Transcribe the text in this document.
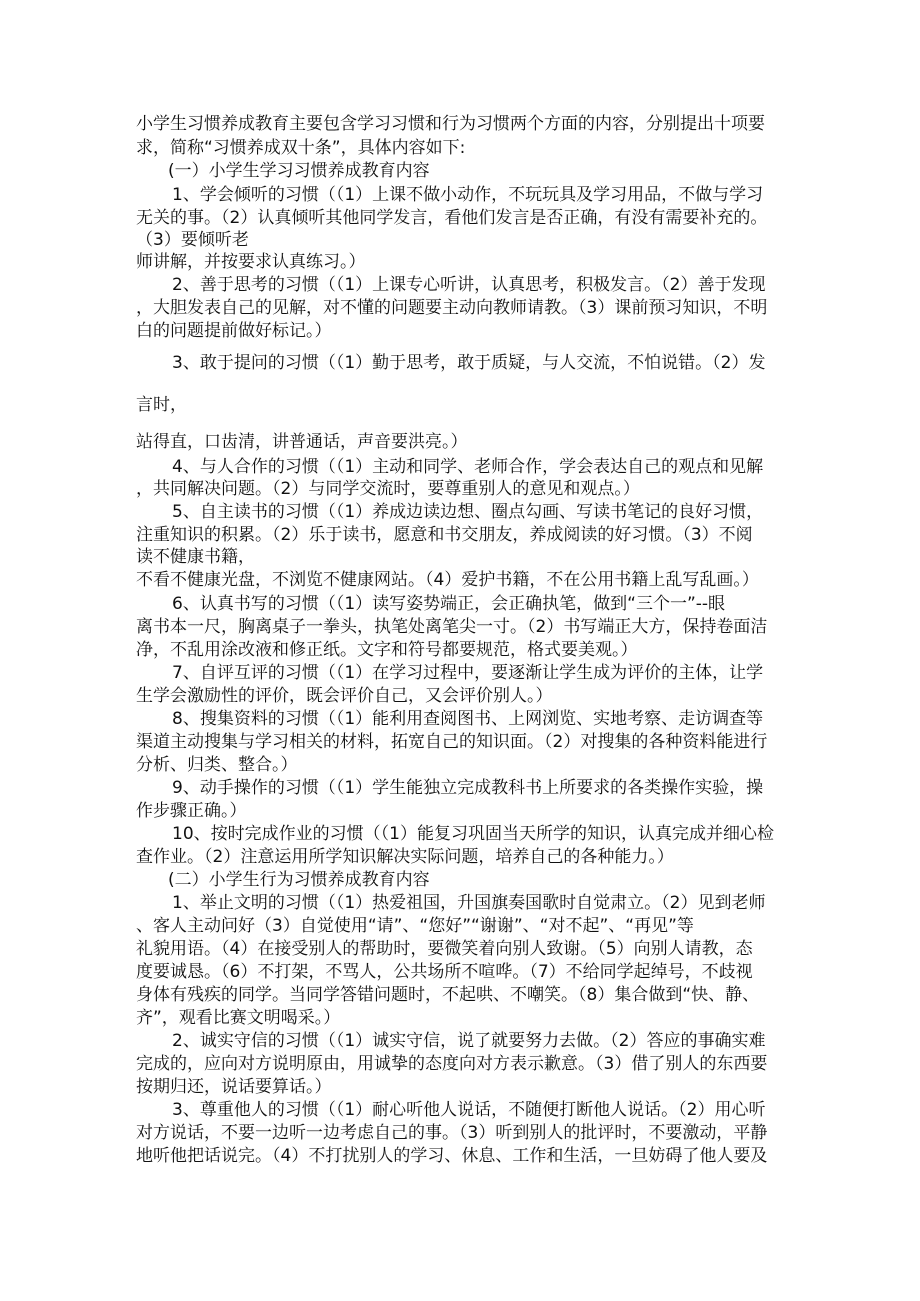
小学生习惯养成教育主要包含学习习惯和行为习惯两个方面的内容，分别提出十项要
求，简称“习惯养成双十条”，具体内容如下:
(一）小学生学习习惯养成教育内容
1、学会倾听的习惯（（1）上课不做小动作，不玩玩具及学习用品，不做与学习
无关的事。（2）认真倾听其他同学发言，看他们发言是否正确，有没有需要补充的。
（3）要倾听老
师讲解，并按要求认真练习。）
2、善于思考的习惯（（1）上课专心听讲，认真思考，积极发言。（2）善于发现
，大胆发表自己的见解，对不懂的问题要主动向教师请教。（3）课前预习知识，不明
白的问题提前做好标记。）
3、敢于提问的习惯（（1）勤于思考，敢于质疑，与人交流，不怕说错。（2）发
言时，
站得直，口齿清，讲普通话，声音要洪亮。）
4、与人合作的习惯（（1）主动和同学、老师合作，学会表达自己的观点和见解
，共同解决问题。（2）与同学交流时，要尊重别人的意见和观点。）
5、自主读书的习惯（（1）养成边读边想、圈点勾画、写读书笔记的良好习惯，
注重知识的积累。（2）乐于读书，愿意和书交朋友，养成阅读的好习惯。（3）不阅
读不健康书籍，
不看不健康光盘，不浏览不健康网站。（4）爱护书籍，不在公用书籍上乱写乱画。）
6、认真书写的习惯（（1）读写姿势端正，会正确执笔，做到“三个一”--眼
离书本一尺，胸离桌子一拳头，执笔处离笔尖一寸。（2）书写端正大方，保持卷面洁
净，不乱用涂改液和修正纸。文字和符号都要规范，格式要美观。）
7、自评互评的习惯（（1）在学习过程中，要逐渐让学生成为评价的主体，让学
生学会激励性的评价，既会评价自己，又会评价别人。）
8、搜集资料的习惯（（1）能利用查阅图书、上网浏览、实地考察、走访调查等
渠道主动搜集与学习相关的材料，拓宽自己的知识面。（2）对搜集的各种资料能进行
分析、归类、整合。）
9、动手操作的习惯（（1）学生能独立完成教科书上所要求的各类操作实验，操
作步骤正确。）
10、按时完成作业的习惯（（1）能复习巩固当天所学的知识，认真完成并细心检
查作业。（2）注意运用所学知识解决实际问题，培养自己的各种能力。）
(二）小学生行为习惯养成教育内容
1、举止文明的习惯（（1）热爱祖国，升国旗奏国歌时自觉肃立。（2）见到老师
、客人主动问好（3）自觉使用“请”、“您好”“谢谢”、“对不起”、“再见”等
礼貌用语。（4）在接受别人的帮助时，要微笑着向别人致谢。（5）向别人请教，态
度要诚恳。（6）不打架，不骂人，公共场所不喧哗。（7）不给同学起绰号，不歧视
身体有残疾的同学。当同学答错问题时，不起哄、不嘲笑。（8）集合做到“快、静、
齐”，观看比赛文明喝采。）
2、诚实守信的习惯（（1）诚实守信，说了就要努力去做。（2）答应的事确实难
完成的，应向对方说明原由，用诚挚的态度向对方表示歉意。（3）借了别人的东西要
按期归还，说话要算话。）
3、尊重他人的习惯（（1）耐心听他人说话，不随便打断他人说话。（2）用心听
对方说话，不要一边听一边考虑自己的事。（3）听到别人的批评时，不要激动，平静
地听他把话说完。（4）不打扰别人的学习、休息、工作和生活，一旦妨碍了他人要及
